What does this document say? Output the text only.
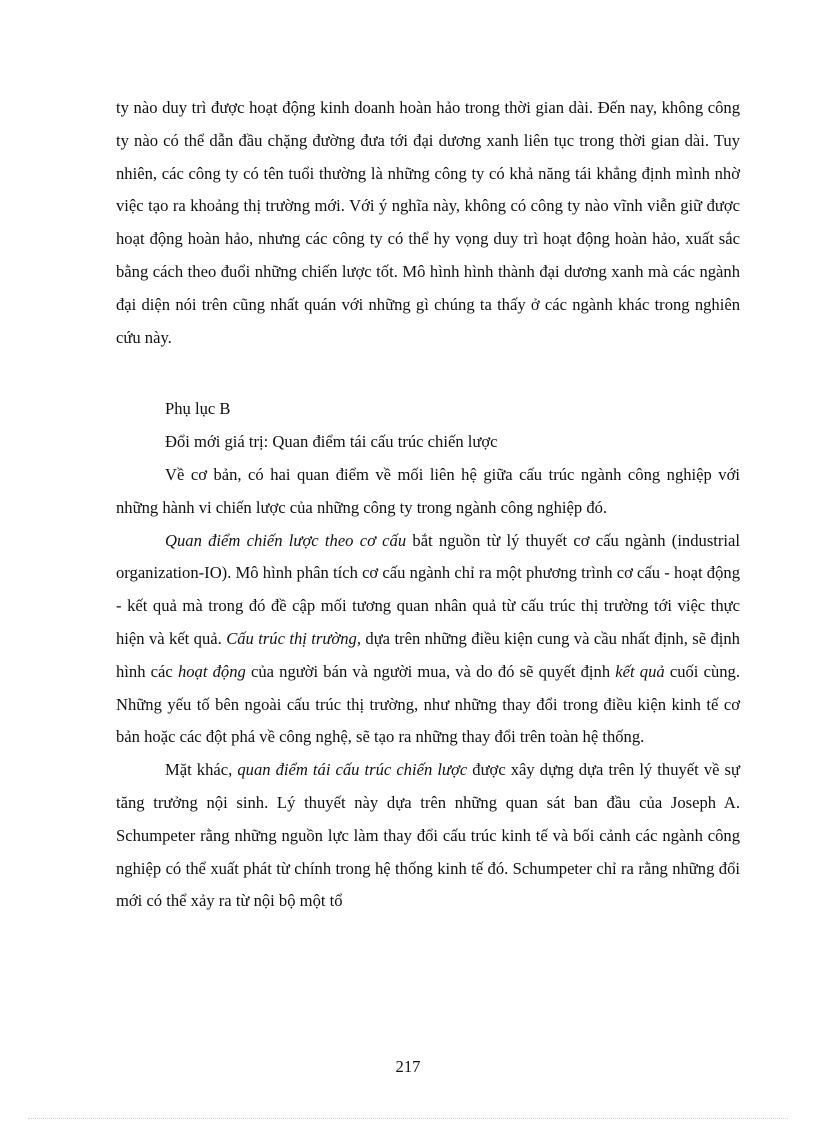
ty nào duy trì được hoạt động kinh doanh hoàn hảo trong thời gian dài. Đến nay, không công ty nào có thể dẫn đầu chặng đường đưa tới đại dương xanh liên tục trong thời gian dài. Tuy nhiên, các công ty có tên tuổi thường là những công ty có khả năng tái khẳng định mình nhờ việc tạo ra khoảng thị trường mới. Với ý nghĩa này, không có công ty nào vĩnh viễn giữ được hoạt động hoàn hảo, nhưng các công ty có thể hy vọng duy trì hoạt động hoàn hảo, xuất sắc bằng cách theo đuổi những chiến lược tốt. Mô hình hình thành đại dương xanh mà các ngành đại diện nói trên cũng nhất quán với những gì chúng ta thấy ở các ngành khác trong nghiên cứu này.

Phụ lục B

Đổi mới giá trị: Quan điểm tái cấu trúc chiến lược

Về cơ bản, có hai quan điểm về mối liên hệ giữa cấu trúc ngành công nghiệp với những hành vi chiến lược của những công ty trong ngành công nghiệp đó.

Quan điểm chiến lược theo cơ cấu bắt nguồn từ lý thuyết cơ cấu ngành (industrial organization-IO). Mô hình phân tích cơ cấu ngành chỉ ra một phương trình cơ cấu - hoạt động - kết quả mà trong đó đề cập mối tương quan nhân quả từ cấu trúc thị trường tới việc thực hiện và kết quả. Cấu trúc thị trường, dựa trên những điều kiện cung và cầu nhất định, sẽ định hình các hoạt động của người bán và người mua, và do đó sẽ quyết định kết quả cuối cùng. Những yếu tố bên ngoài cấu trúc thị trường, như những thay đổi trong điều kiện kinh tế cơ bản hoặc các đột phá về công nghệ, sẽ tạo ra những thay đổi trên toàn hệ thống.

Mặt khác, quan điểm tái cấu trúc chiến lược được xây dựng dựa trên lý thuyết về sự tăng trưởng nội sinh. Lý thuyết này dựa trên những quan sát ban đầu của Joseph A. Schumpeter rằng những nguồn lực làm thay đổi cấu trúc kinh tế và bối cảnh các ngành công nghiệp có thể xuất phát từ chính trong hệ thống kinh tế đó. Schumpeter chỉ ra rằng những đổi mới có thể xảy ra từ nội bộ một tổ

217
